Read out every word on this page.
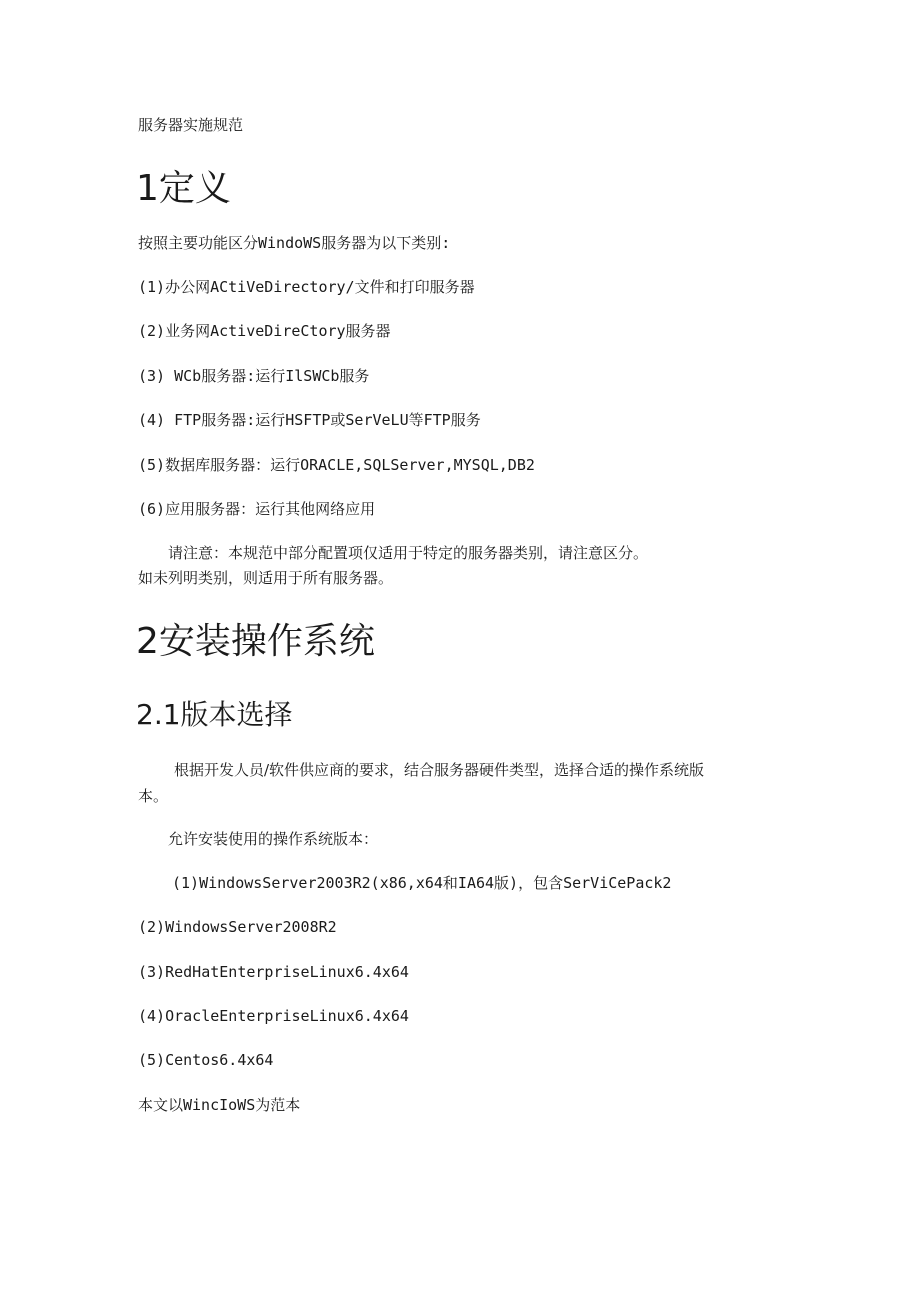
服务器实施规范

1定义

按照主要功能区分WindoWS服务器为以下类别:

(1)办公网ACtiVeDirectory/文件和打印服务器

(2)业务网ActiveDireCtory服务器

(3) WCb服务器:运行IlSWCb服务

(4) FTP服务器:运行HSFTP或SerVeLU等FTP服务

(5)数据库服务器：运行ORACLE,SQLServer,MYSQL,DB2

(6)应用服务器：运行其他网络应用

请注意：本规范中部分配置项仅适用于特定的服务器类别，请注意区分。

如未列明类别，则适用于所有服务器。

2安装操作系统
2.1版本选择

根据开发人员/软件供应商的要求，结合服务器硬件类型，选择合适的操作系统版

本。

允许安装使用的操作系统版本：

(1)WindowsServer2003R2(x86,x64和IA64版)，包含SerViCePack2

(2)WindowsServer2008R2

(3)RedHatEnterpriseLinux6.4x64

(4)OracleEnterpriseLinux6.4x64

(5)Centos6.4x64

本文以WincIoWS为范本
